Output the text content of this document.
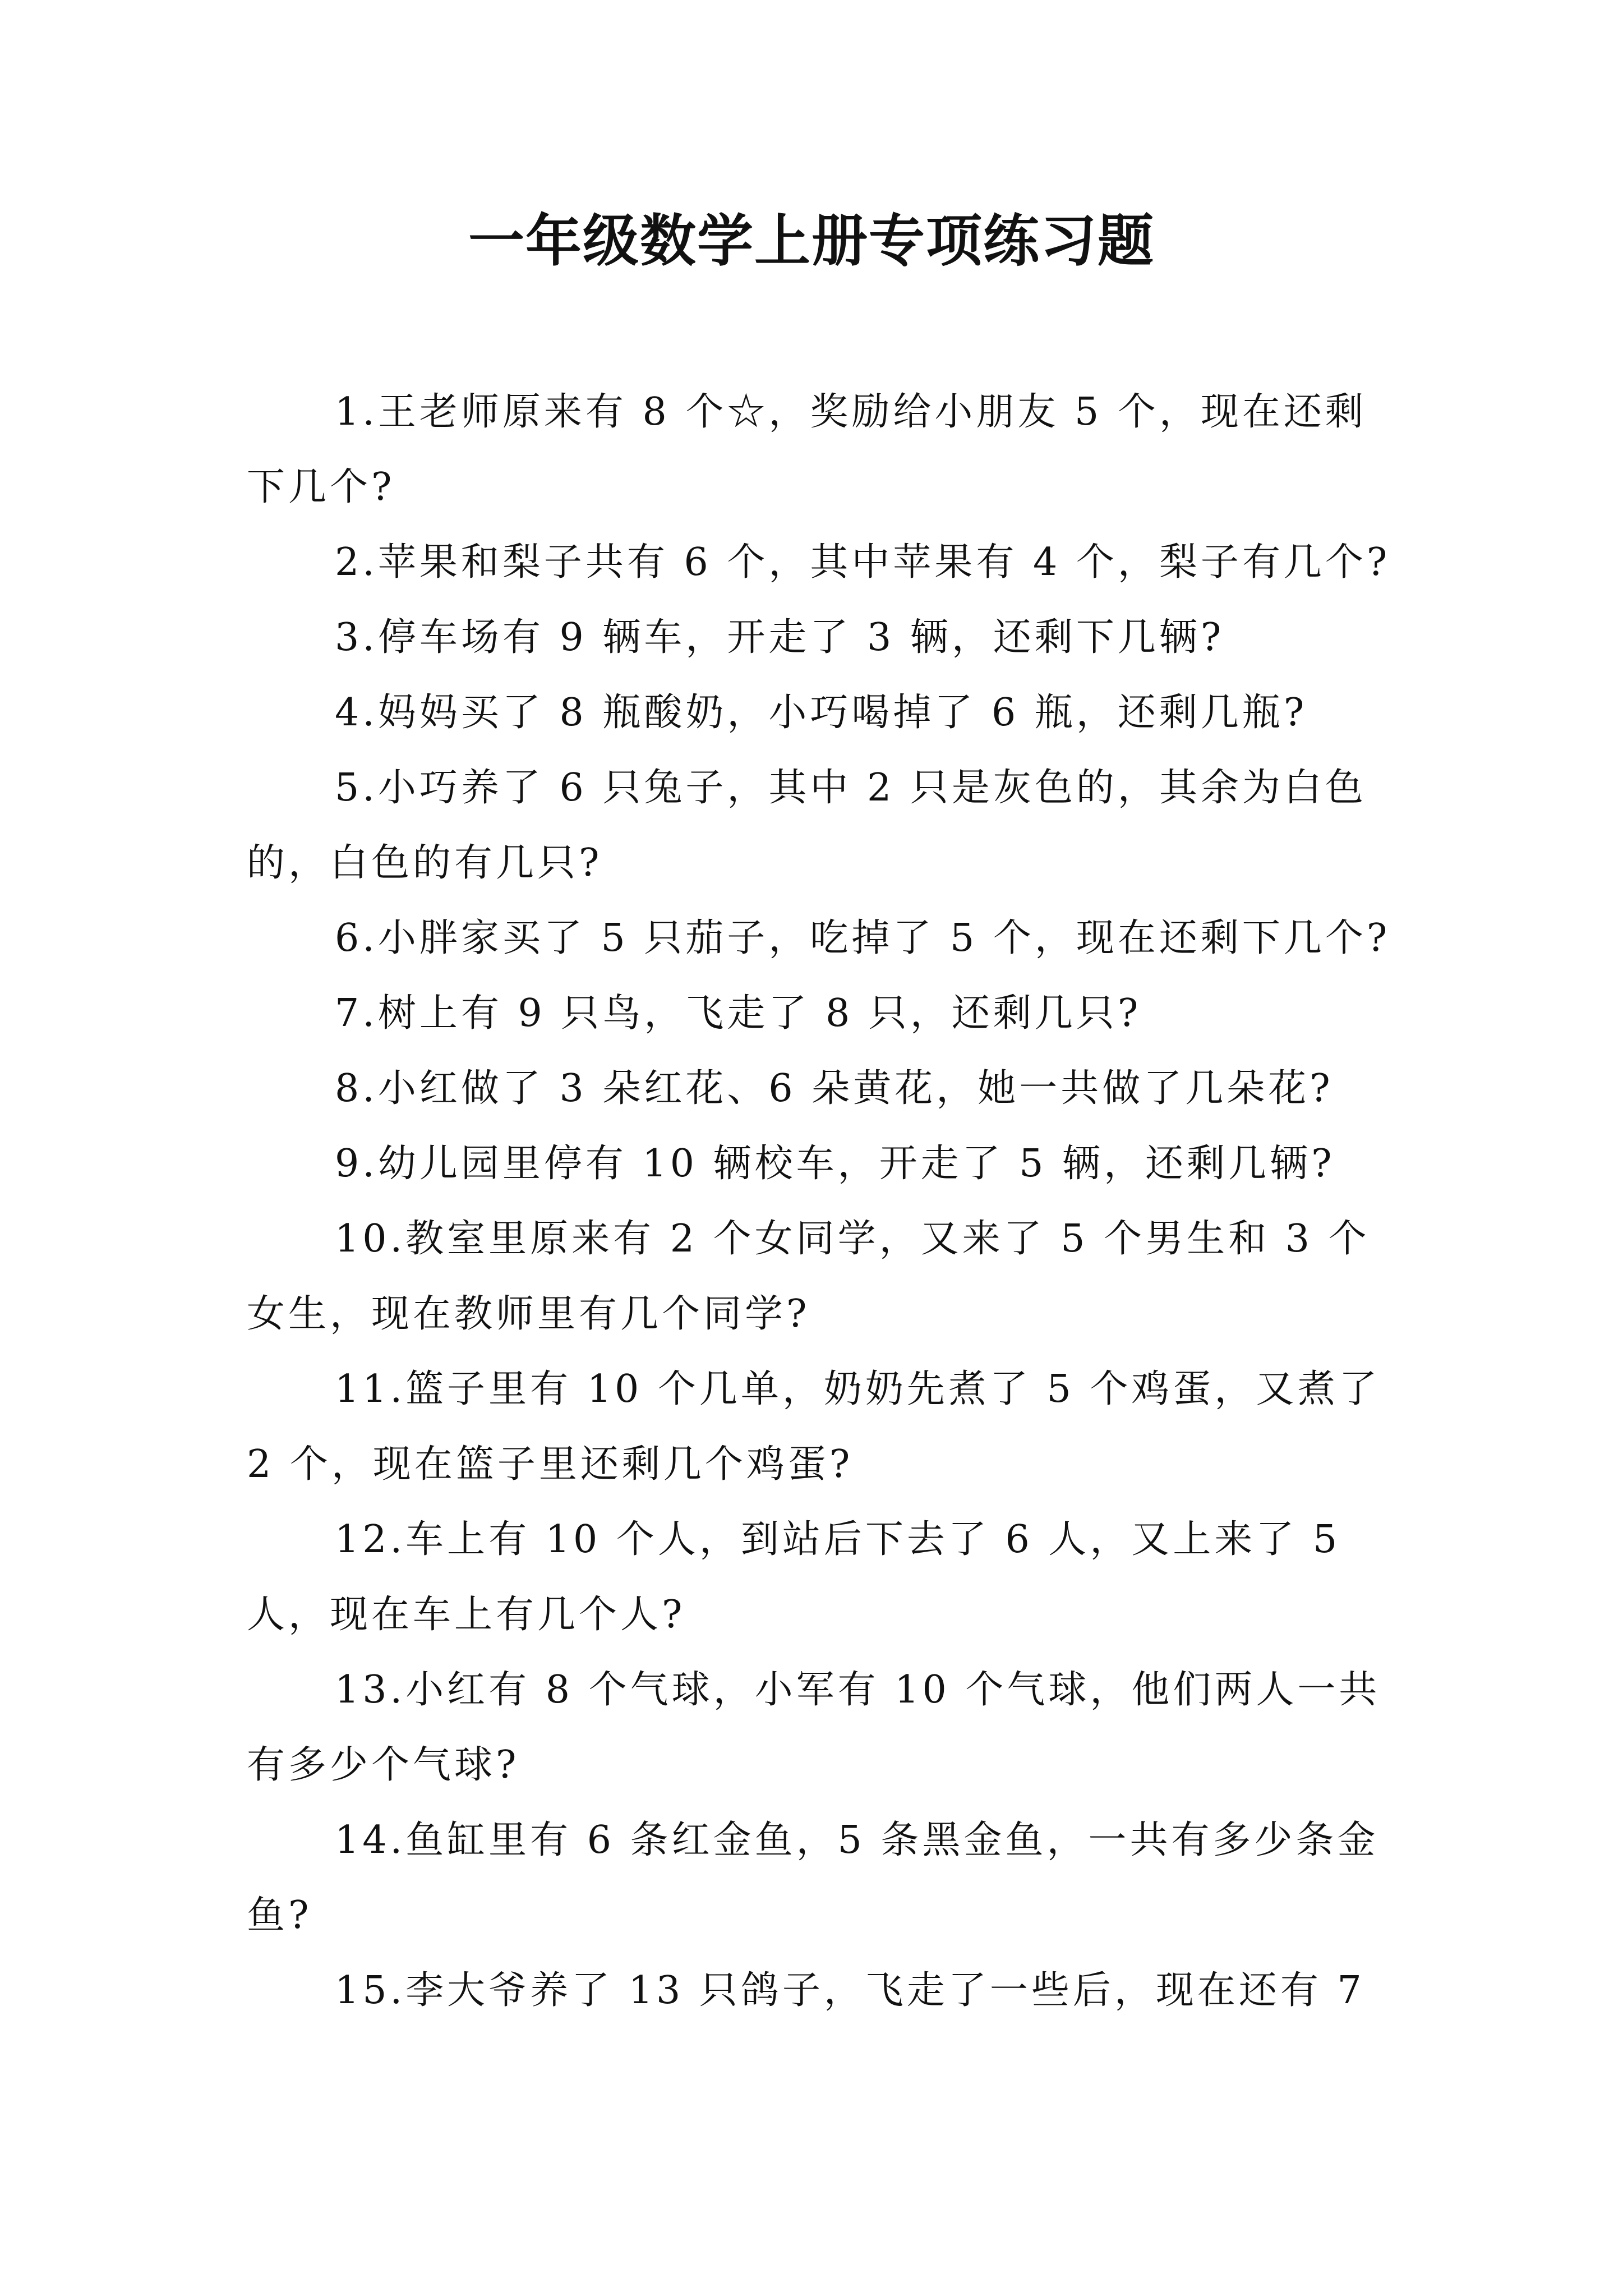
一年级数学上册专项练习题

1.王老师原来有 8 个☆，奖励给小朋友 5 个，现在还剩下几个?

2.苹果和梨子共有 6 个，其中苹果有 4 个，梨子有几个?

3.停车场有 9 辆车，开走了 3 辆，还剩下几辆?

4.妈妈买了 8 瓶酸奶，小巧喝掉了 6 瓶，还剩几瓶?

5.小巧养了 6 只兔子，其中 2 只是灰色的，其余为白色的，白色的有几只?

6.小胖家买了 5 只茄子，吃掉了 5 个，现在还剩下几个?

7.树上有 9 只鸟，飞走了 8 只，还剩几只?

8.小红做了 3 朵红花、6 朵黄花，她一共做了几朵花?

9.幼儿园里停有 10 辆校车，开走了 5 辆，还剩几辆?

10.教室里原来有 2 个女同学，又来了 5 个男生和 3 个女生，现在教师里有几个同学?

11.篮子里有 10 个几单，奶奶先煮了 5 个鸡蛋，又煮了 2 个，现在篮子里还剩几个鸡蛋?

12.车上有 10 个人，到站后下去了 6 人，又上来了 5 人，现在车上有几个人?

13.小红有 8 个气球，小军有 10 个气球，他们两人一共有多少个气球?

14.鱼缸里有 6 条红金鱼，5 条黑金鱼，一共有多少条金鱼?

15.李大爷养了 13 只鸽子，飞走了一些后，现在还有 7
